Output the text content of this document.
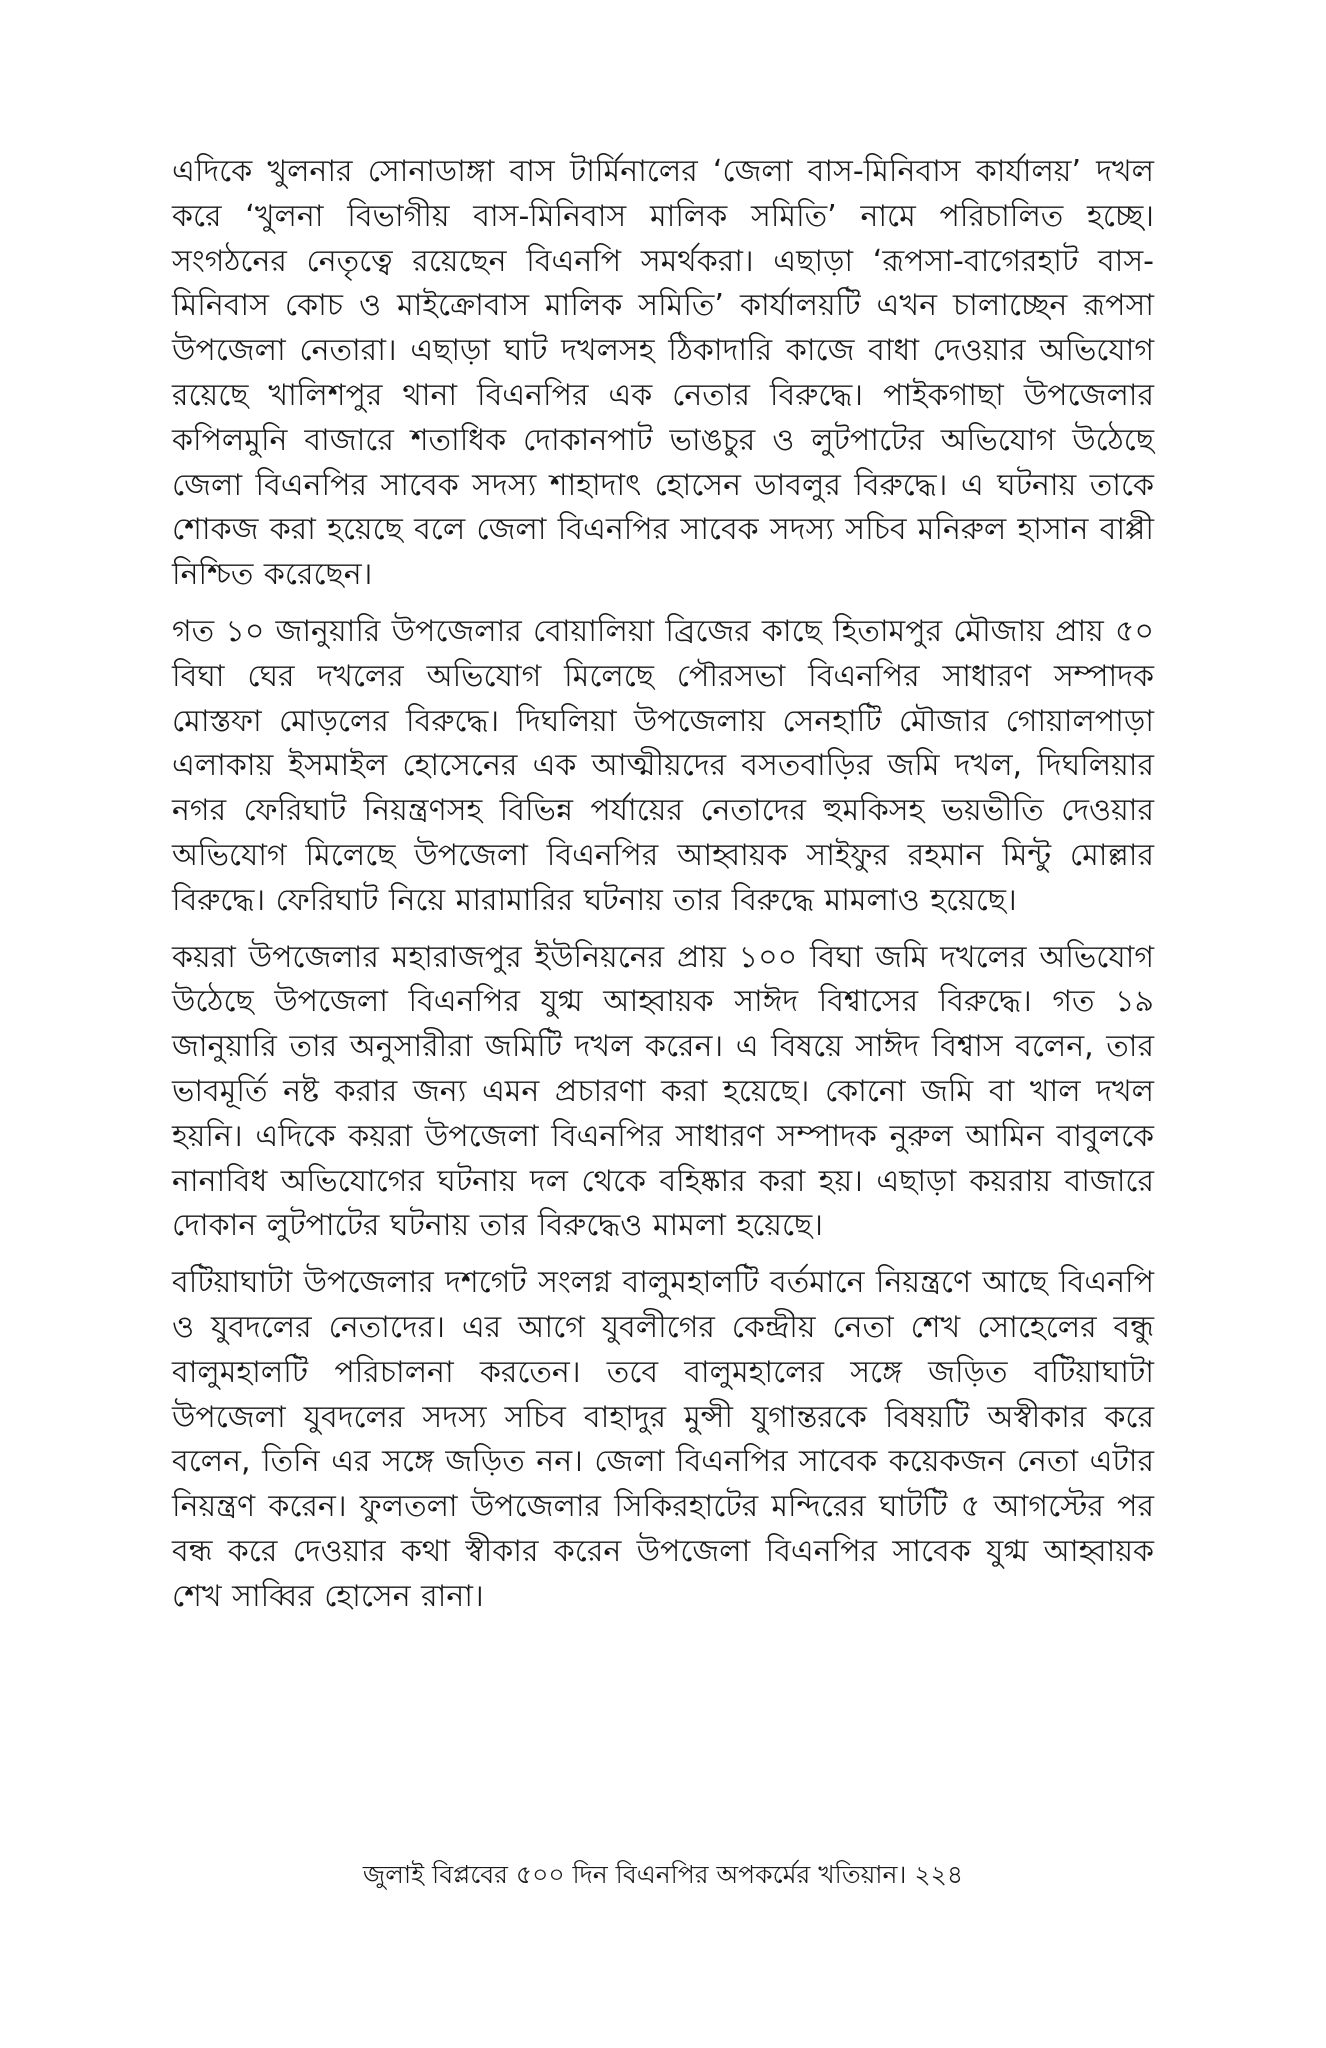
এদিকে খুলনার সোনাডাঙ্গা বাস টার্মিনালের ‘জেলা বাস-মিনিবাস কার্যালয়’ দখল করে ‘খুলনা বিভাগীয় বাস-মিনিবাস মালিক সমিতি’ নামে পরিচালিত হচ্ছে। সংগঠনের নেতৃত্বে রয়েছেন বিএনপি সমর্থকরা। এছাড়া ‘রূপসা-বাগেরহাট বাস-মিনিবাস কোচ ও মাইক্রোবাস মালিক সমিতি’ কার্যালয়টি এখন চালাচ্ছেন রূপসা উপজেলা নেতারা। এছাড়া ঘাট দখলসহ ঠিকাদারি কাজে বাধা দেওয়ার অভিযোগ রয়েছে খালিশপুর থানা বিএনপির এক নেতার বিরুদ্ধে। পাইকগাছা উপজেলার কপিলমুনি বাজারে শতাধিক দোকানপাট ভাঙচুর ও লুটপাটের অভিযোগ উঠেছে জেলা বিএনপির সাবেক সদস্য শাহাদাৎ হোসেন ডাবলুর বিরুদ্ধে। এ ঘটনায় তাকে শোকজ করা হয়েছে বলে জেলা বিএনপির সাবেক সদস্য সচিব মনিরুল হাসান বাপ্পী নিশ্চিত করেছেন।

গত ১০ জানুয়ারি উপজেলার বোয়ালিয়া ব্রিজের কাছে হিতামপুর মৌজায় প্রায় ৫০ বিঘা ঘের দখলের অভিযোগ মিলেছে পৌরসভা বিএনপির সাধারণ সম্পাদক মোস্তফা মোড়লের বিরুদ্ধে। দিঘলিয়া উপজেলায় সেনহাটি মৌজার গোয়ালপাড়া এলাকায় ইসমাইল হোসেনের এক আত্মীয়দের বসতবাড়ির জমি দখল, দিঘলিয়ার নগর ফেরিঘাট নিয়ন্ত্রণসহ বিভিন্ন পর্যায়ের নেতাদের হুমকিসহ ভয়ভীতি দেওয়ার অভিযোগ মিলেছে উপজেলা বিএনপির আহ্বায়ক সাইফুর রহমান মিন্টু মোল্লার বিরুদ্ধে। ফেরিঘাট নিয়ে মারামারির ঘটনায় তার বিরুদ্ধে মামলাও হয়েছে।

কয়রা উপজেলার মহারাজপুর ইউনিয়নের প্রায় ১০০ বিঘা জমি দখলের অভিযোগ উঠেছে উপজেলা বিএনপির যুগ্ম আহ্বায়ক সাঈদ বিশ্বাসের বিরুদ্ধে। গত ১৯ জানুয়ারি তার অনুসারীরা জমিটি দখল করেন। এ বিষয়ে সাঈদ বিশ্বাস বলেন, তার ভাবমূর্তি নষ্ট করার জন্য এমন প্রচারণা করা হয়েছে। কোনো জমি বা খাল দখল হয়নি। এদিকে কয়রা উপজেলা বিএনপির সাধারণ সম্পাদক নুরুল আমিন বাবুলকে নানাবিধ অভিযোগের ঘটনায় দল থেকে বহিষ্কার করা হয়। এছাড়া কয়রায় বাজারে দোকান লুটপাটের ঘটনায় তার বিরুদ্ধেও মামলা হয়েছে।

বটিয়াঘাটা উপজেলার দশগেট সংলগ্ন বালুমহালটি বর্তমানে নিয়ন্ত্রণে আছে বিএনপি ও যুবদলের নেতাদের। এর আগে যুবলীগের কেন্দ্রীয় নেতা শেখ সোহেলের বন্ধু বালুমহালটি পরিচালনা করতেন। তবে বালুমহালের সঙ্গে জড়িত বটিয়াঘাটা উপজেলা যুবদলের সদস্য সচিব বাহাদুর মুন্সী যুগান্তরকে বিষয়টি অস্বীকার করে বলেন, তিনি এর সঙ্গে জড়িত নন। জেলা বিএনপির সাবেক কয়েকজন নেতা এটার নিয়ন্ত্রণ করেন। ফুলতলা উপজেলার সিকিরহাটের মন্দিরের ঘাটটি ৫ আগস্টের পর বন্ধ করে দেওয়ার কথা স্বীকার করেন উপজেলা বিএনপির সাবেক যুগ্ম আহ্বায়ক শেখ সাব্বির হোসেন রানা।

জুলাই বিপ্লবের ৫০০ দিন বিএনপির অপকর্মের খতিয়ান। ২২৪
